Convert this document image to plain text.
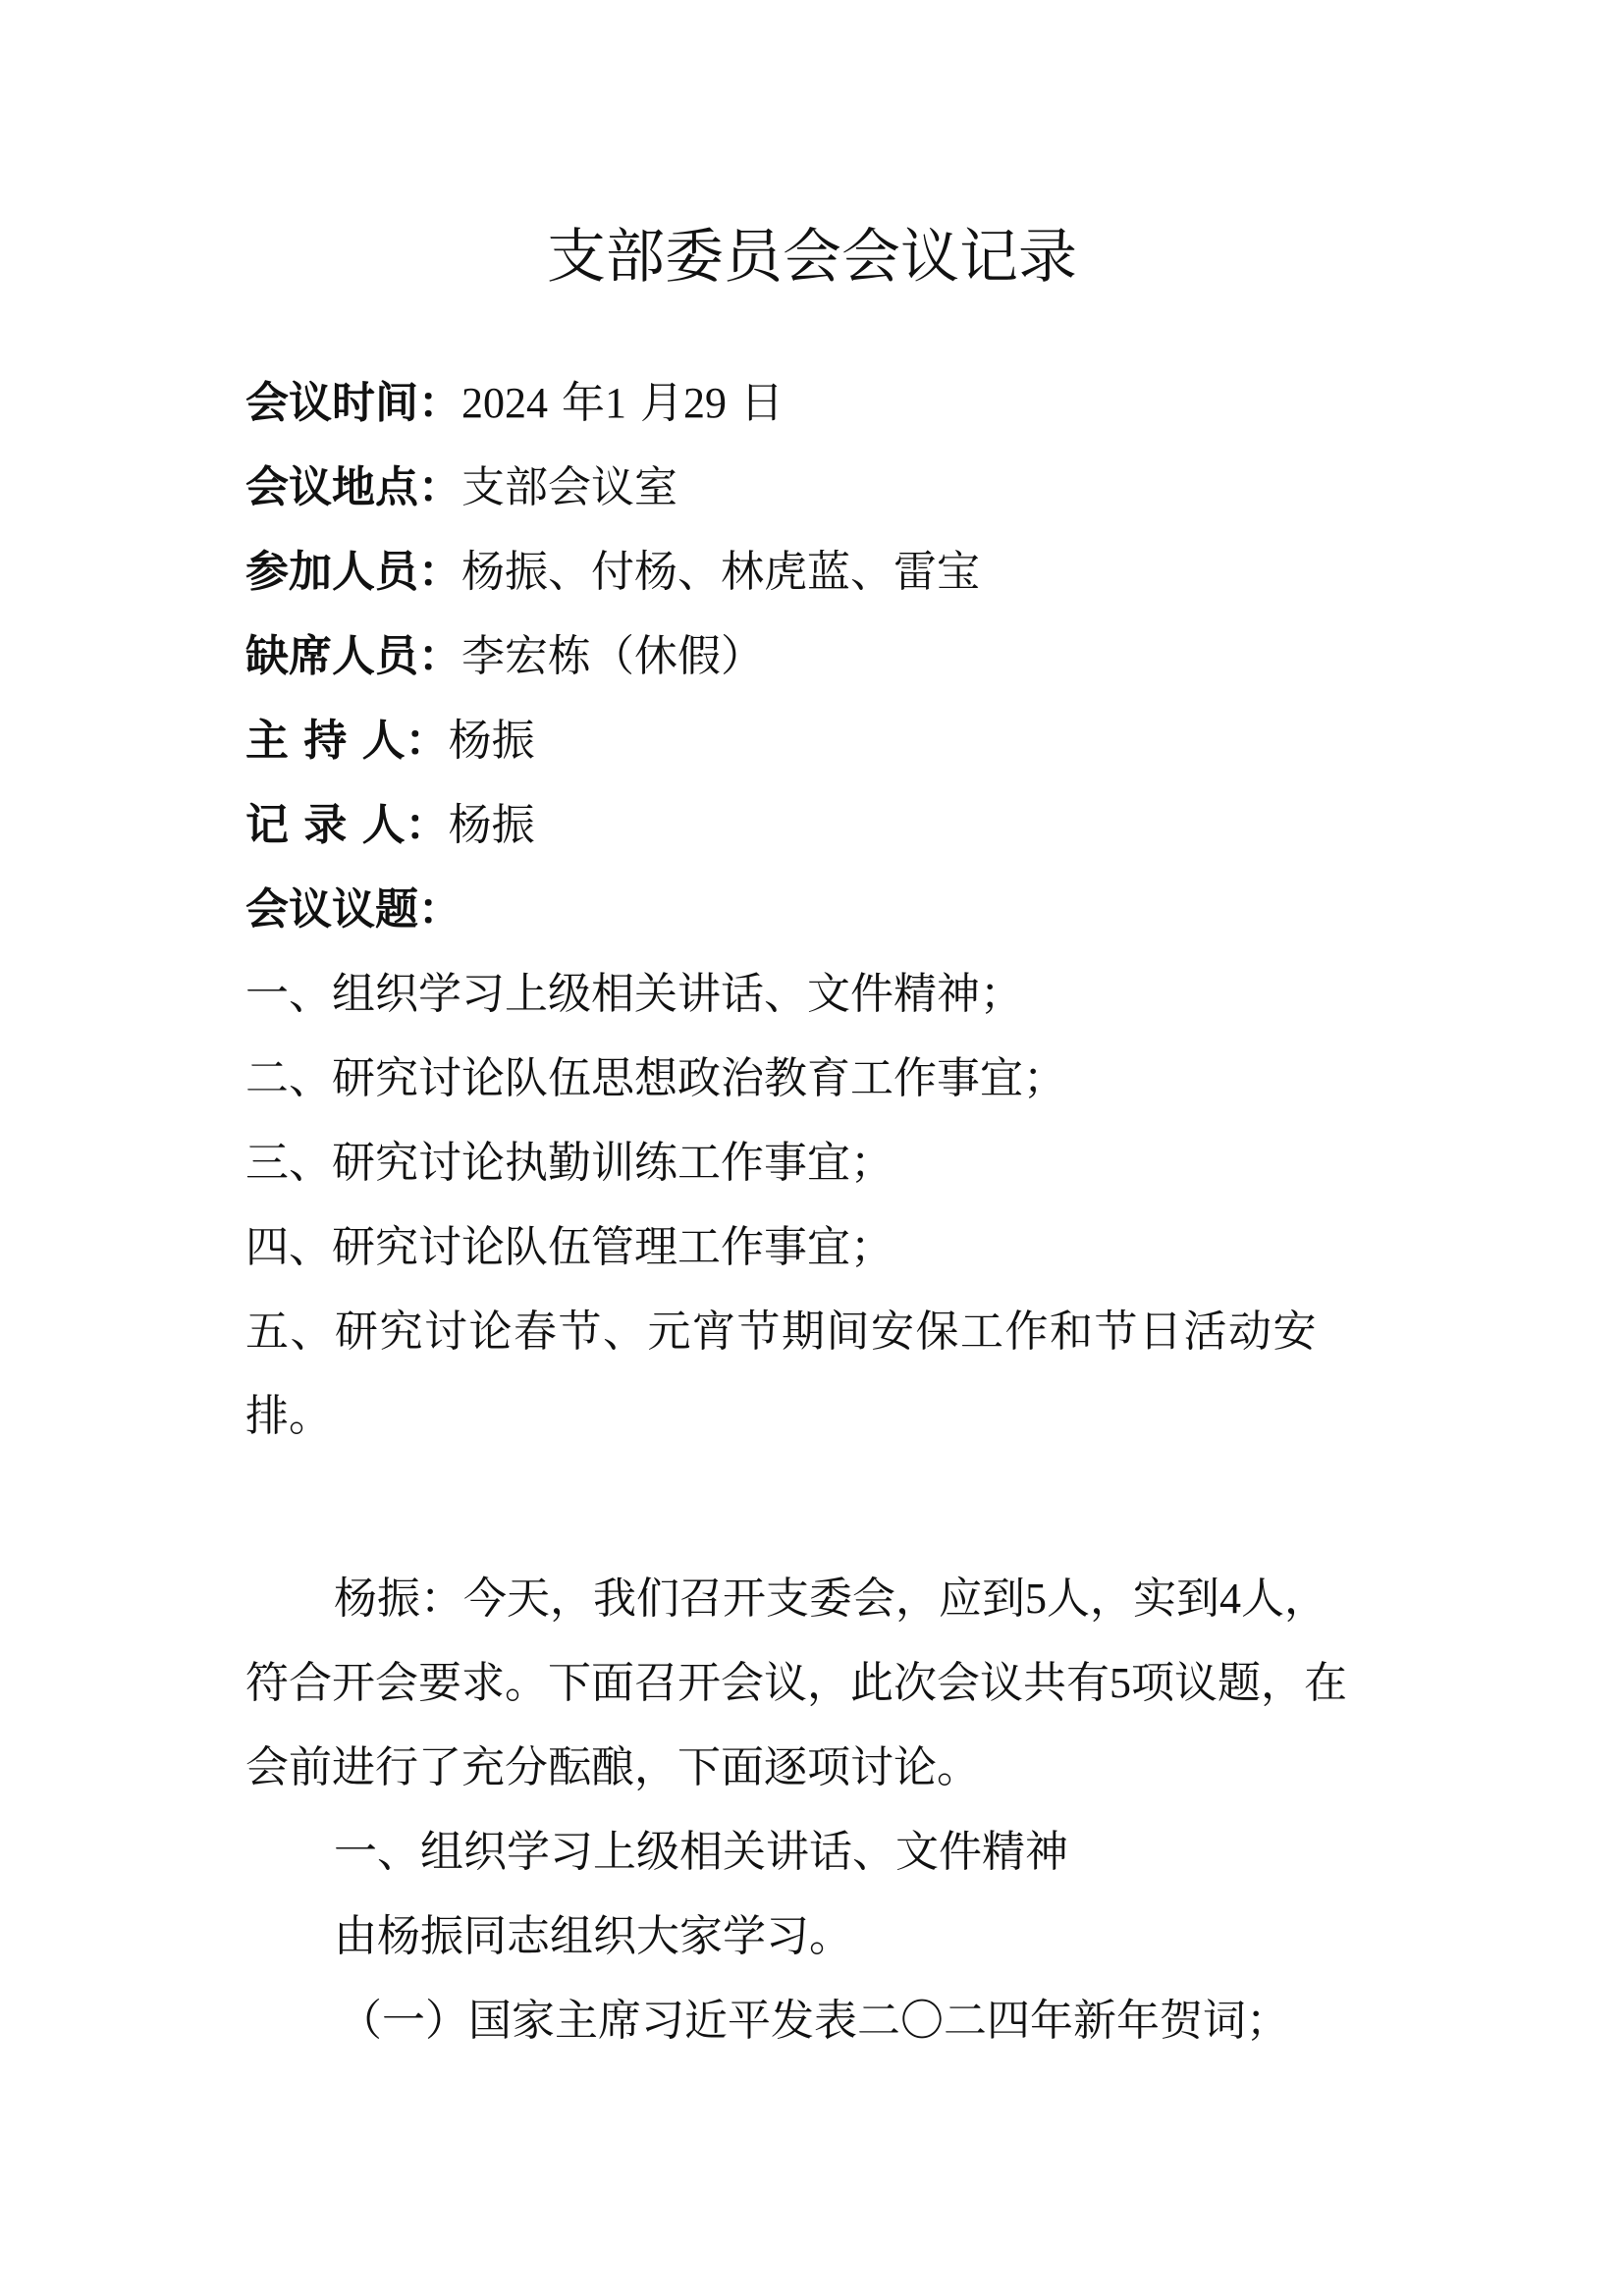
支部委员会会议记录
会议时间：2024 年1 月29 日
会议地点：支部会议室
参加人员：杨振、付杨、林虎蓝、雷宝
缺席人员：李宏栋（休假）
主 持 人：杨振
记 录 人：杨振
会议议题：
一、组织学习上级相关讲话、文件精神；
二、研究讨论队伍思想政治教育工作事宜；
三、研究讨论执勤训练工作事宜；
四、研究讨论队伍管理工作事宜；
五、研究讨论春节、元宵节期间安保工作和节日活动安
排。
杨振：今天，我们召开支委会，应到5人，实到4人，
符合开会要求。下面召开会议，此次会议共有5项议题，在
会前进行了充分酝酿，下面逐项讨论。
一、组织学习上级相关讲话、文件精神
由杨振同志组织大家学习。
（一）国家主席习近平发表二〇二四年新年贺词；
